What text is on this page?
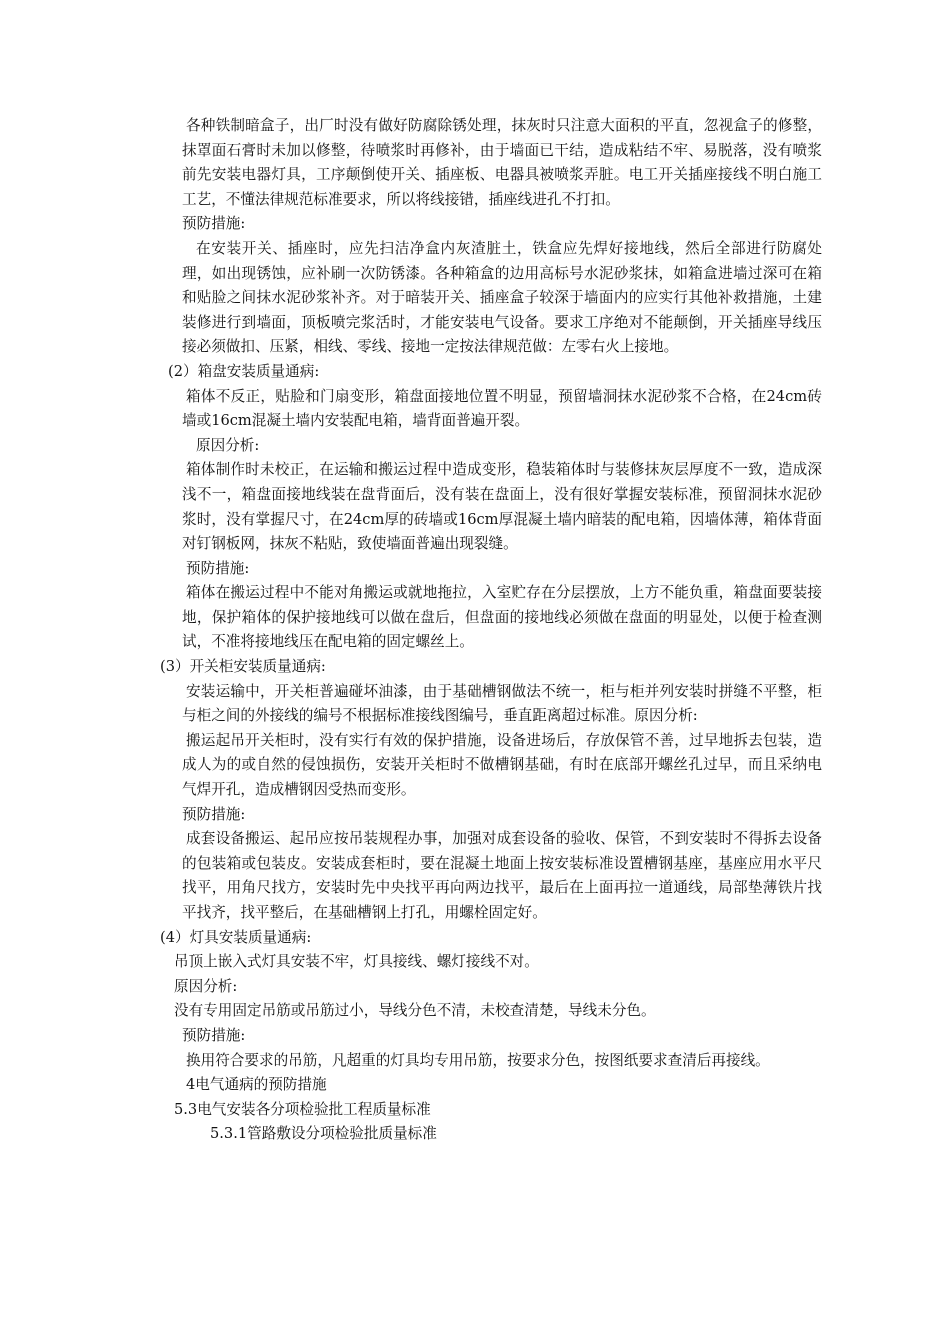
各种铁制暗盒子，出厂时没有做好防腐除锈处理，抹灰时只注意大面积的平直，忽视盒子的修整，抹罩面石膏时未加以修整，待喷浆时再修补，由于墙面已干结，造成粘结不牢、易脱落，没有喷浆前先安装电器灯具，工序颠倒使开关、插座板、电器具被喷浆弄脏。电工开关插座接线不明白施工工艺，不懂法律规范标准要求，所以将线接错，插座线进孔不打扣。

预防措施:

在安装开关、插座时，应先扫洁净盒内灰渣脏土，铁盒应先焊好接地线，然后全部进行防腐处理，如出现锈蚀，应补刷一次防锈漆。各种箱盒的边用高标号水泥砂浆抹，如箱盒进墙过深可在箱和贴脸之间抹水泥砂浆补齐。对于暗装开关、插座盒子较深于墙面内的应实行其他补救措施，土建装修进行到墙面，顶板喷完浆活时，才能安装电气设备。要求工序绝对不能颠倒，开关插座导线压接必须做扣、压紧，相线、零线、接地一定按法律规范做：左零右火上接地。

(2）箱盘安装质量通病:

箱体不反正，贴脸和门扇变形，箱盘面接地位置不明显，预留墙洞抹水泥砂浆不合格，在24cm砖墙或16cm混凝土墙内安装配电箱，墙背面普遍开裂。

原因分析:

箱体制作时未校正，在运输和搬运过程中造成变形，稳装箱体时与装修抹灰层厚度不一致，造成深浅不一，箱盘面接地线装在盘背面后，没有装在盘面上，没有很好掌握安装标准，预留洞抹水泥砂浆时，没有掌握尺寸，在24cm厚的砖墙或16cm厚混凝土墙内暗装的配电箱，因墙体薄，箱体背面对钉钢板网，抹灰不粘贴，致使墙面普遍出现裂缝。

预防措施:

箱体在搬运过程中不能对角搬运或就地拖拉，入室贮存在分层摆放，上方不能负重，箱盘面要装接地，保护箱体的保护接地线可以做在盘后，但盘面的接地线必须做在盘面的明显处，以便于检查测试，不准将接地线压在配电箱的固定螺丝上。

(3）开关柜安装质量通病:

安装运输中，开关柜普遍碰坏油漆，由于基础槽钢做法不统一，柜与柜并列安装时拼缝不平整，柜与柜之间的外接线的编号不根据标准接线图编号，垂直距离超过标准。原因分析:

搬运起吊开关柜时，没有实行有效的保护措施，设备进场后，存放保管不善，过早地拆去包装，造成人为的或自然的侵蚀损伤，安装开关柜时不做槽钢基础，有时在底部开螺丝孔过早，而且采纳电气焊开孔，造成槽钢因受热而变形。

预防措施:

成套设备搬运、起吊应按吊装规程办事，加强对成套设备的验收、保管，不到安装时不得拆去设备的包装箱或包装皮。安装成套柜时，要在混凝土地面上按安装标准设置槽钢基座，基座应用水平尺找平，用角尺找方，安装时先中央找平再向两边找平，最后在上面再拉一道通线，局部垫薄铁片找平找齐，找平整后，在基础槽钢上打孔，用螺栓固定好。

(4）灯具安装质量通病:

吊顶上嵌入式灯具安装不牢，灯具接线、螺灯接线不对。

原因分析:

没有专用固定吊筋或吊筋过小，导线分色不清，未校查清楚，导线未分色。

预防措施:

换用符合要求的吊筋，凡超重的灯具均专用吊筋，按要求分色，按图纸要求查清后再接线。

4电气通病的预防措施

5.3电气安装各分项检验批工程质量标准

5.3.1管路敷设分项检验批质量标准
